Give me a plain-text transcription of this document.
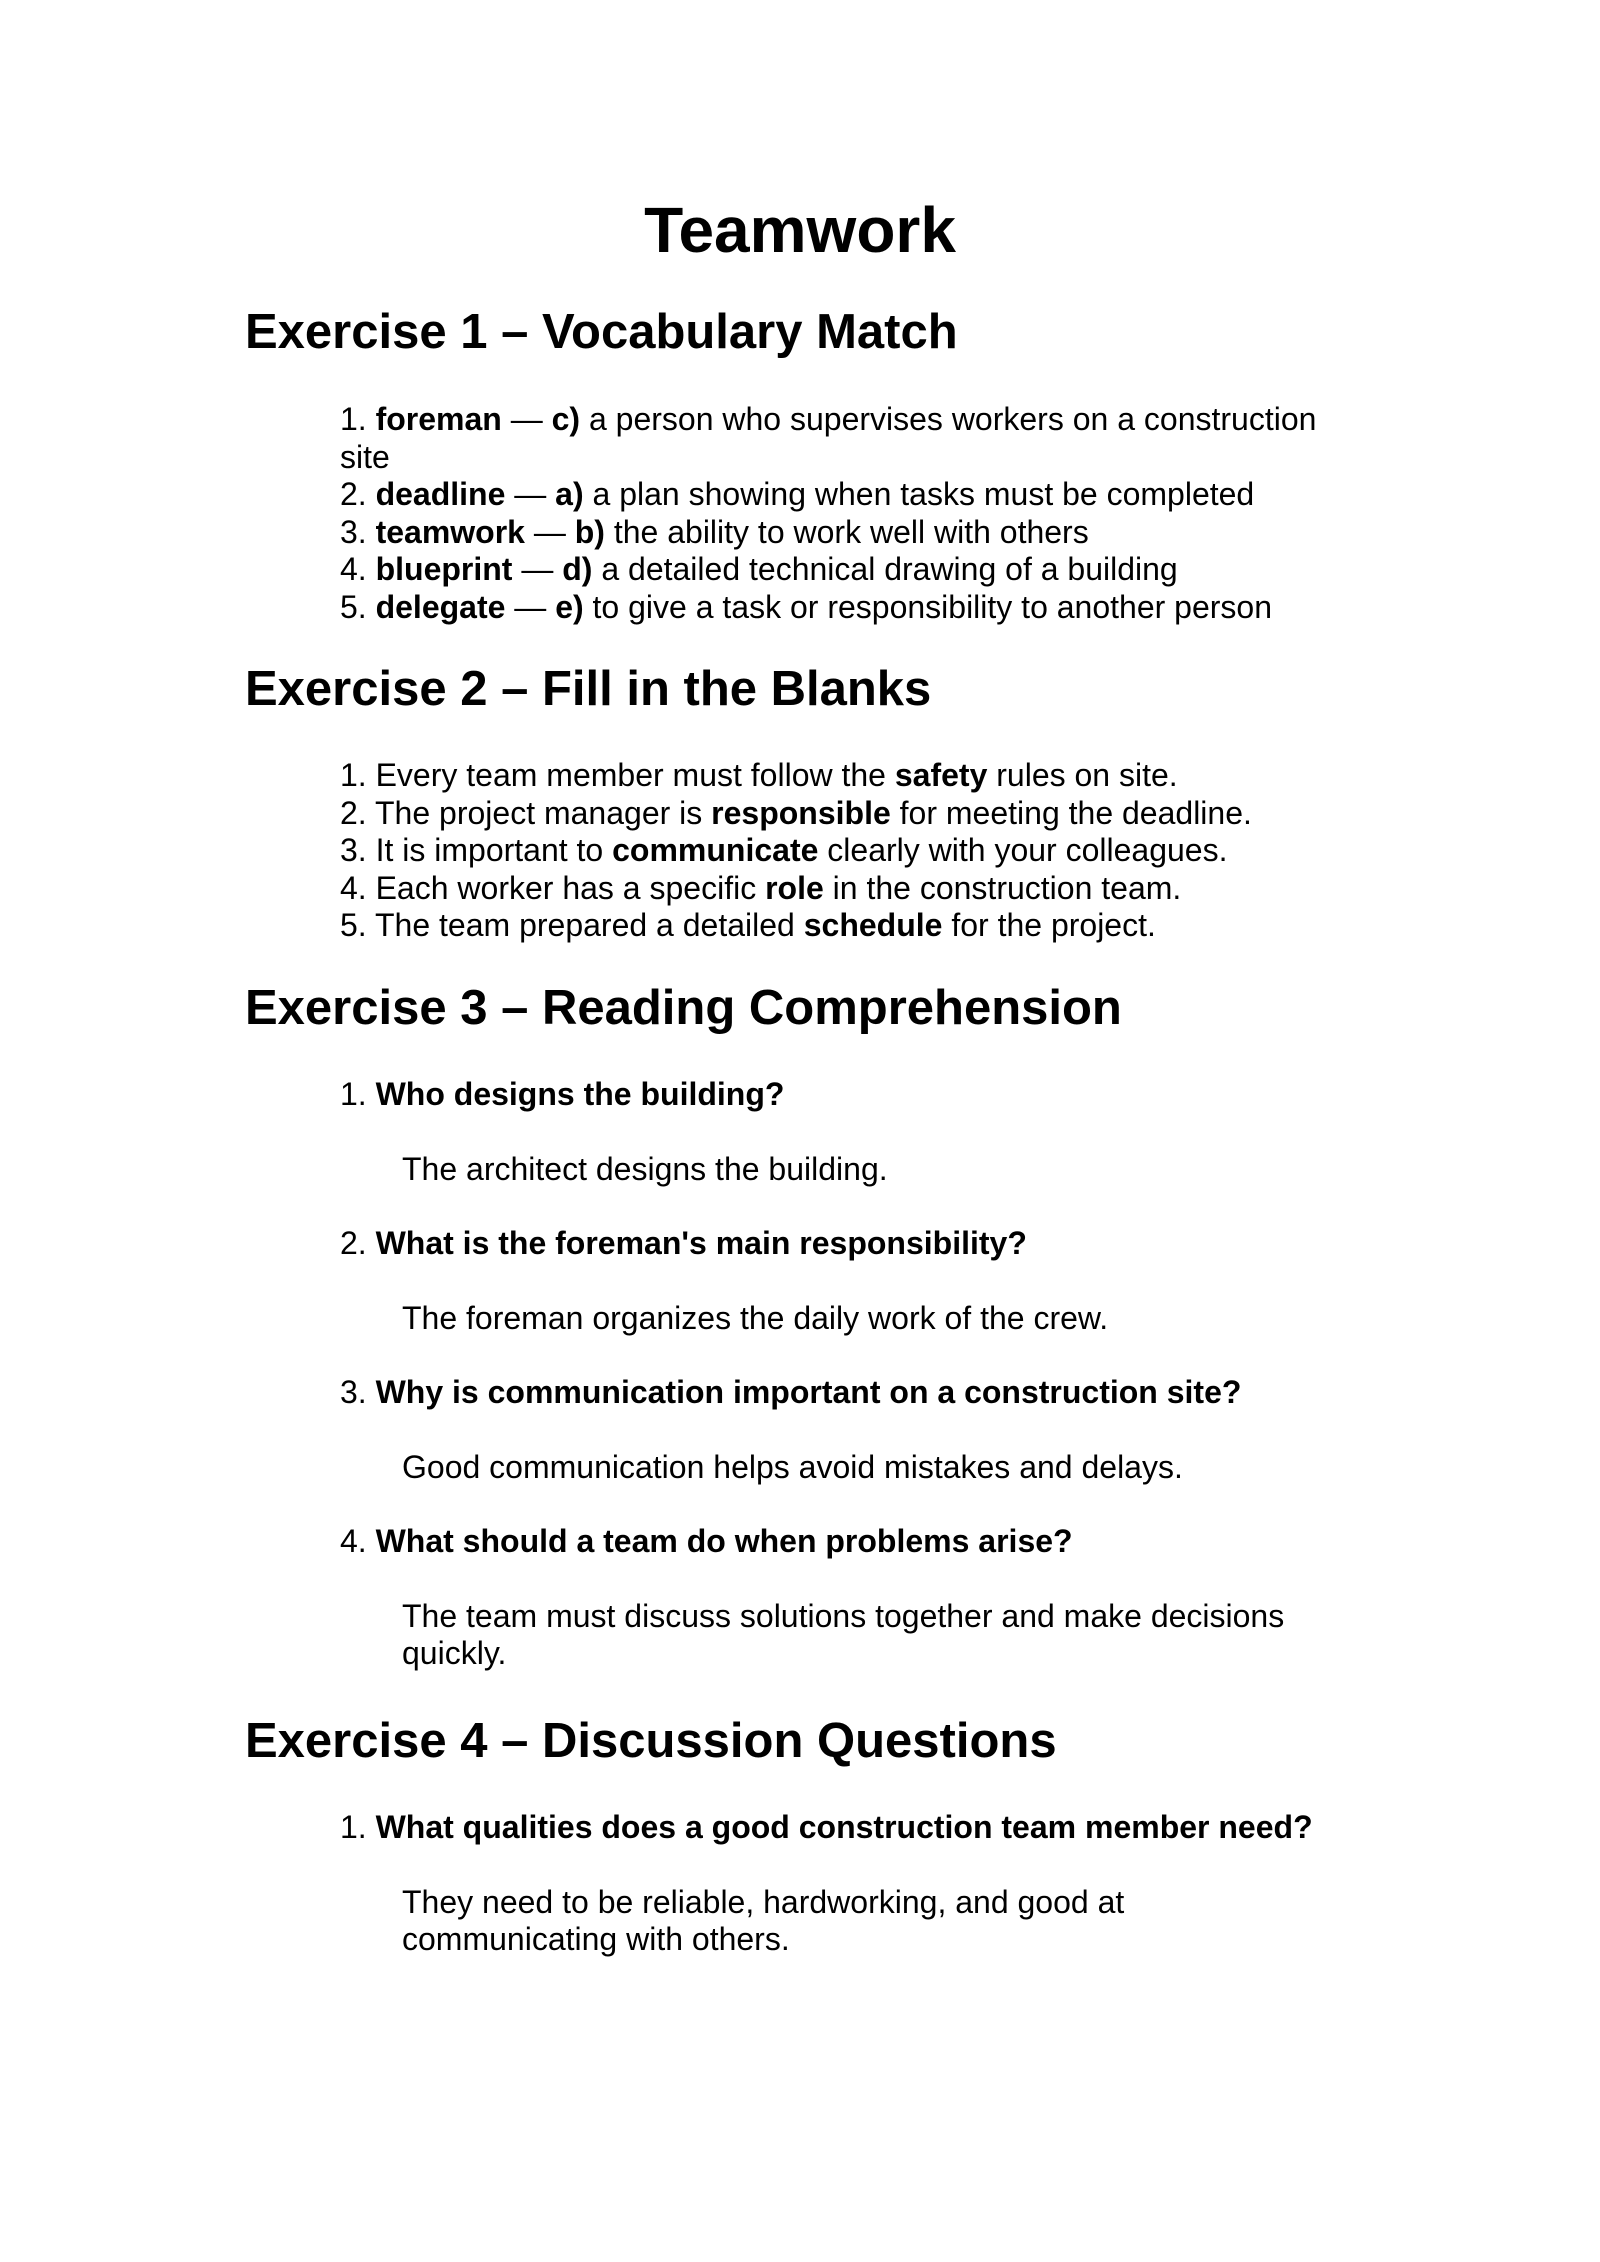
Teamwork
Exercise 1 – Vocabulary Match
1. foreman — c) a person who supervises workers on a construction site
2. deadline — a) a plan showing when tasks must be completed
3. teamwork — b) the ability to work well with others
4. blueprint — d) a detailed technical drawing of a building
5. delegate — e) to give a task or responsibility to another person
Exercise 2 – Fill in the Blanks
1. Every team member must follow the safety rules on site.
2. The project manager is responsible for meeting the deadline.
3. It is important to communicate clearly with your colleagues.
4. Each worker has a specific role in the construction team.
5. The team prepared a detailed schedule for the project.
Exercise 3 – Reading Comprehension

1. Who designs the building?

The architect designs the building.

2. What is the foreman's main responsibility?

The foreman organizes the daily work of the crew.

3. Why is communication important on a construction site?

Good communication helps avoid mistakes and delays.

4. What should a team do when problems arise?

The team must discuss solutions together and make decisions quickly.

Exercise 4 – Discussion Questions

1. What qualities does a good construction team member need?

They need to be reliable, hardworking, and good at communicating with others.
